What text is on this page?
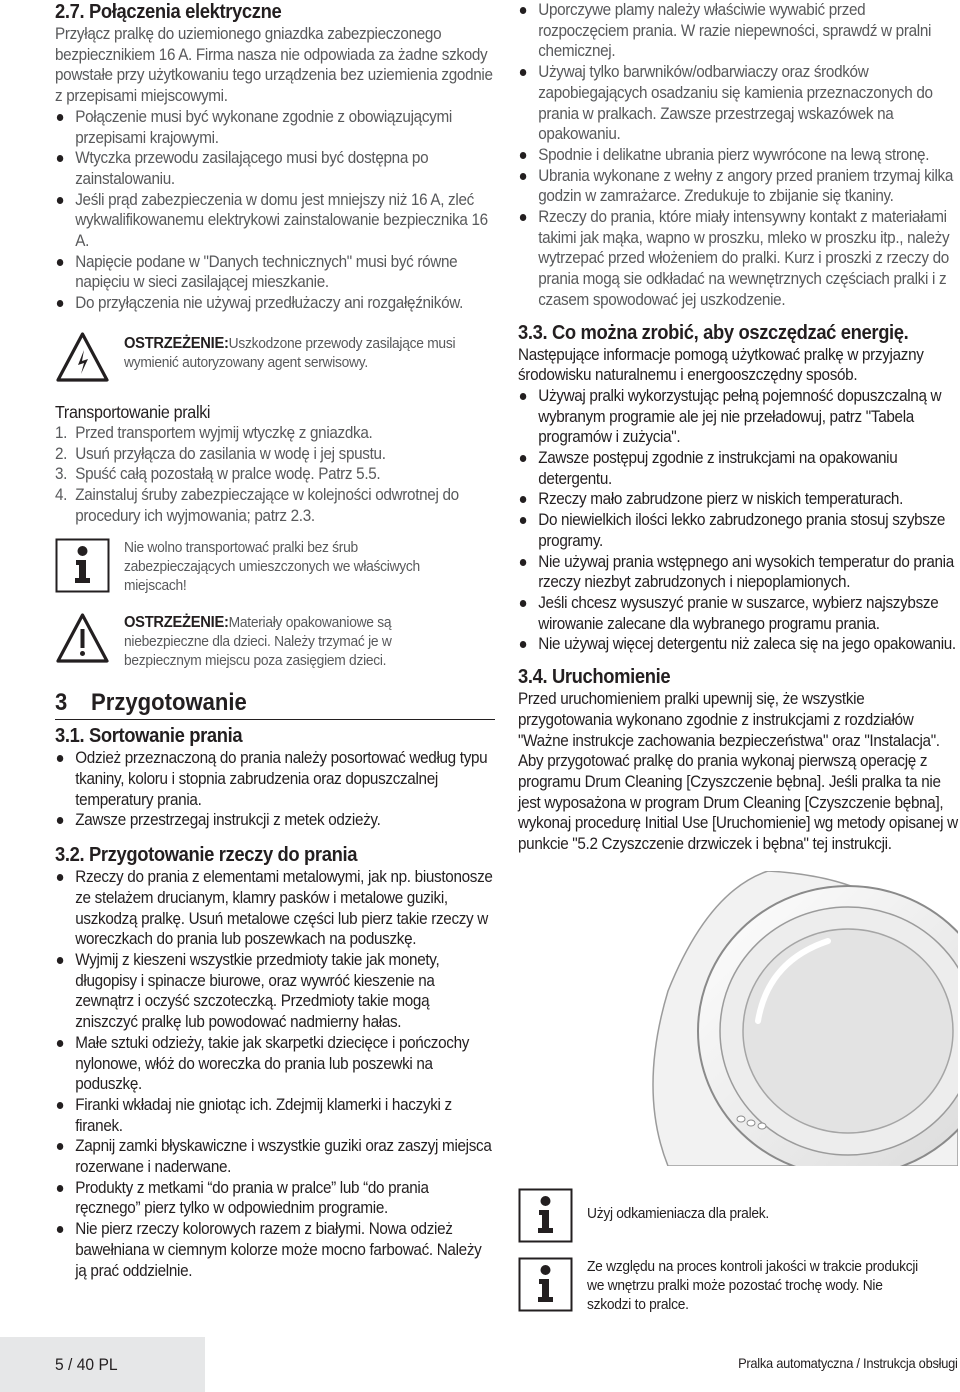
2.7. Połączenia elektryczne
Przyłącz pralkę do uziemionego gniazdka zabezpieczonego bezpiecznikiem 16 A. Firma nasza nie odpowiada za żadne szkody powstałe przy użytkowaniu tego urządzenia bez uziemienia zgodnie z przepisami miejscowymi.
Połączenie musi być wykonane zgodnie z obowiązującymi przepisami krajowymi.
Wtyczka przewodu zasilającego musi być dostępna po zainstalowaniu.
Jeśli prąd zabezpieczenia w domu jest mniejszy niż 16 A, zleć wykwalifikowanemu elektrykowi zainstalowanie bezpiecznika 16 A.
Napięcie podane w "Danych technicznych" musi być równe napięciu w sieci zasilającej mieszkanie.
Do przyłączenia nie używaj przedłużaczy ani rozgałęźników.
OSTRZEŻENIE:Uszkodzone przewody zasilające musi wymienić autoryzowany agent serwisowy.
Transportowanie pralki
1. Przed transportem wyjmij wtyczkę z gniazdka.
2. Usuń przyłącza do zasilania w wodę i jej spustu.
3. Spuść całą pozostałą w pralce wodę. Patrz 5.5.
4. Zainstaluj śruby zabezpieczające w kolejności odwrotnej do procedury ich wyjmowania; patrz 2.3.
Nie wolno transportować pralki bez śrub zabezpieczających umieszczonych we właściwych miejscach!
OSTRZEŻENIE:Materiały opakowaniowe są niebezpieczne dla dzieci. Należy trzymać je w bezpiecznym miejscu poza zasięgiem dzieci.
3 Przygotowanie
3.1. Sortowanie prania
Odzież przeznaczoną do prania należy posortować według typu tkaniny, koloru i stopnia zabrudzenia oraz dopuszczalnej temperatury prania.
Zawsze przestrzegaj instrukcji z metek odzieży.
3.2. Przygotowanie rzeczy do prania
Rzeczy do prania z elementami metalowymi, jak np. biustonosze ze stelażem drucianym, klamry pasków i metalowe guziki, uszkodzą pralkę. Usuń metalowe części lub pierz takie rzeczy w woreczkach do prania lub poszewkach na poduszkę.
Wyjmij z kieszeni wszystkie przedmioty takie jak monety, długopisy i spinacze biurowe, oraz wywróć kieszenie na zewnątrz i oczyść szczoteczką. Przedmioty takie mogą zniszczyć pralkę lub powodować nadmierny hałas.
Małe sztuki odzieży, takie jak skarpetki dziecięce i pończochy nylonowe, włóż do woreczka do prania lub poszewki na poduszkę.
Firanki wkładaj nie gniotąc ich. Zdejmij klamerki i haczyki z firanek.
Zapnij zamki błyskawiczne i wszystkie guziki oraz zaszyj miejsca rozerwane i naderwane.
Produkty z metkami “do prania w pralce” lub “do prania ręcznego” pierz tylko w odpowiednim programie.
Nie pierz rzeczy kolorowych razem z białymi. Nowa odzież bawełniana w ciemnym kolorze może mocno farbować. Należy ją prać oddzielnie.
Uporczywe plamy należy właściwie wywabić przed rozpoczęciem prania. W razie niepewności, sprawdź w pralni chemicznej.
Używaj tylko barwników/odbarwiaczy oraz środków zapobiegających osadzaniu się kamienia przeznaczonych do prania w pralkach. Zawsze przestrzegaj wskazówek na opakowaniu.
Spodnie i delikatne ubrania pierz wywrócone na lewą stronę.
Ubrania wykonane z wełny z angory przed praniem trzymaj kilka godzin w zamrażarce. Zredukuje to zbijanie się tkaniny.
Rzeczy do prania, które miały intensywny kontakt z materiałami takimi jak mąka, wapno w proszku, mleko w proszku itp., należy wytrzepać przed włożeniem do pralki. Kurz i proszki z rzeczy do prania mogą sie odkładać na wewnętrznych częściach pralki i z czasem spowodować jej uszkodzenie.
3.3. Co można zrobić, aby oszczędzać energię.
Następujące informacje pomogą użytkować pralkę w przyjazny środowisku naturalnemu i energooszczędny sposób.
Używaj pralki wykorzystując pełną pojemność dopuszczalną w wybranym programie ale jej nie przeładowuj, patrz "Tabela programów i zużycia".
Zawsze postępuj zgodnie z instrukcjami na opakowaniu detergentu.
Rzeczy mało zabrudzone pierz w niskich temperaturach.
Do niewielkich ilości lekko zabrudzonego prania stosuj szybsze programy.
Nie używaj prania wstępnego ani wysokich temperatur do prania rzeczy niezbyt zabrudzonych i niepoplamionych.
Jeśli chcesz wysuszyć pranie w suszarce, wybierz najszybsze wirowanie zalecane dla wybranego programu prania.
Nie używaj więcej detergentu niż zaleca się na jego opakowaniu.
3.4. Uruchomienie
Przed uruchomieniem pralki upewnij się, że wszystkie przygotowania wykonano zgodnie z instrukcjami z rozdziałów "Ważne instrukcje zachowania bezpieczeństwa" oraz "Instalacja".
Aby przygotować pralkę do prania wykonaj pierwszą operację z programu Drum Cleaning [Czyszczenie bębna]. Jeśli pralka ta nie jest wyposażona w program Drum Cleaning [Czyszczenie bębna], wykonaj procedurę Initial Use [Uruchomienie] wg metody opisanej w punkcie "5.2 Czyszczenie drzwiczek i bębna" tej instrukcji.
Użyj odkamieniacza dla pralek.
Ze względu na proces kontroli jakości w trakcie produkcji we wnętrzu pralki może pozostać trochę wody. Nie szkodzi to pralce.
5 / 40 PL	Pralka automatyczna / Instrukcja obsługi
